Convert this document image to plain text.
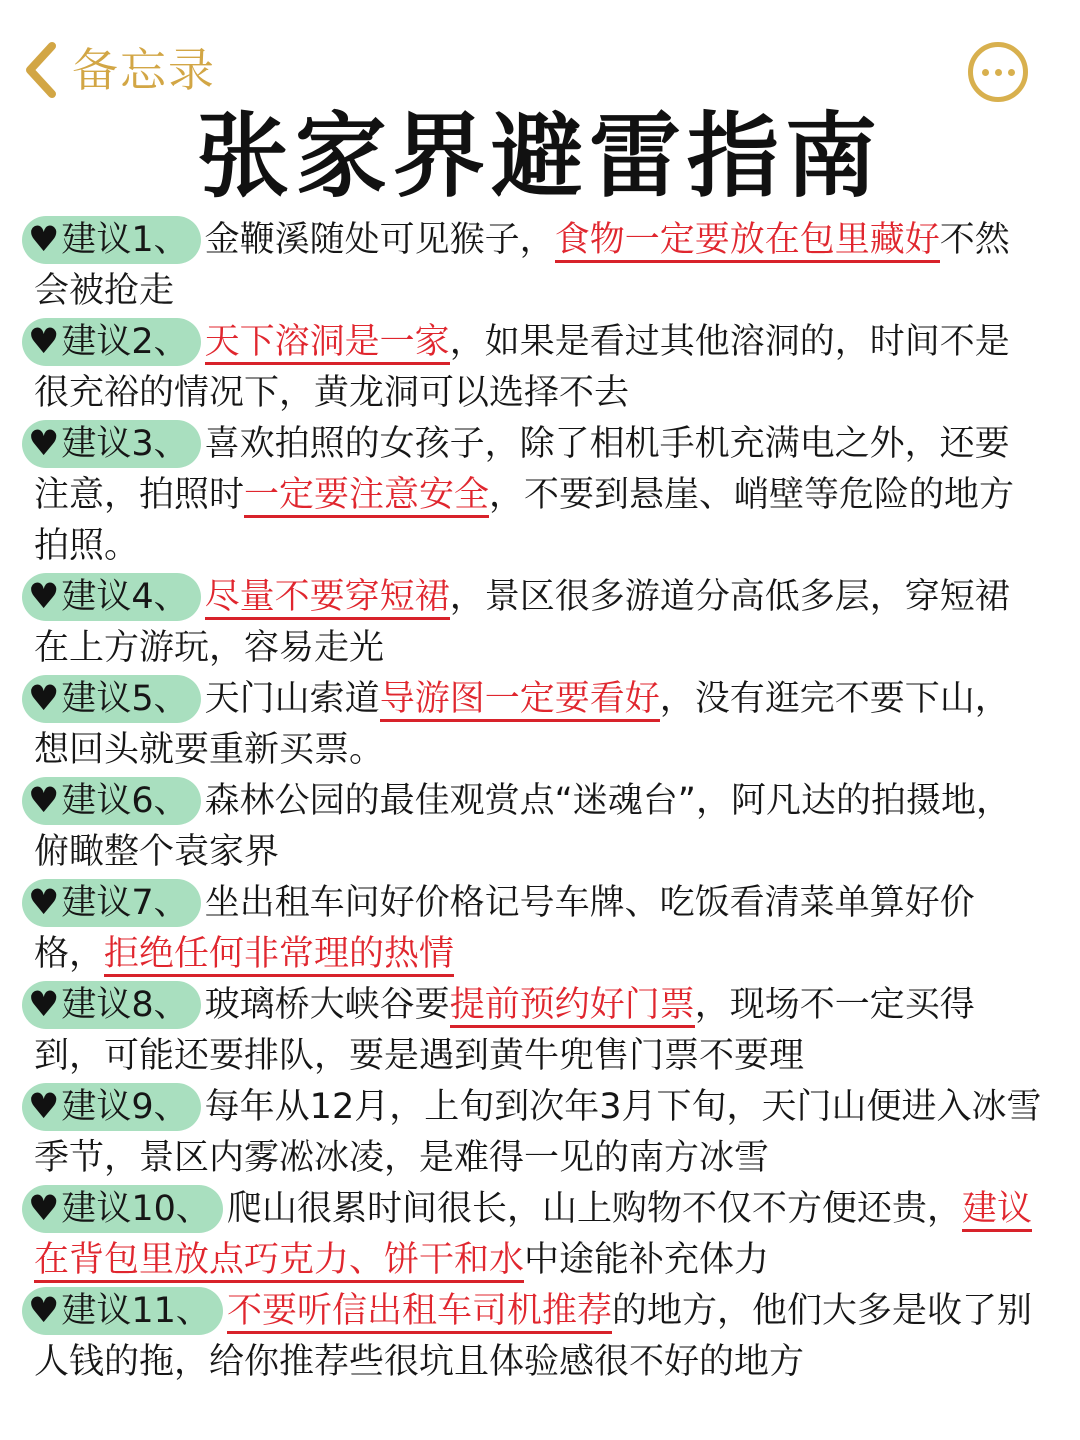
备忘录
张家界避雷指南

♥建议1、 金鞭溪随处可见猴子，食物一定要放在包里藏好不然会被抢走

♥建议2、 天下溶洞是一家，如果是看过其他溶洞的，时间不是很充裕的情况下，黄龙洞可以选择不去

♥建议3、 喜欢拍照的女孩子，除了相机手机充满电之外，还要注意，拍照时一定要注意安全，不要到悬崖、峭壁等危险的地方拍照。

♥建议4、 尽量不要穿短裙，景区很多游道分高低多层，穿短裙在上方游玩，容易走光

♥建议5、 天门山索道导游图一定要看好，没有逛完不要下山，想回头就要重新买票。

♥建议6、 森林公园的最佳观赏点“迷魂台”，阿凡达的拍摄地，俯瞰整个袁家界

♥建议7、 坐出租车问好价格记号车牌、吃饭看清菜单算好价格，拒绝任何非常理的热情

♥建议8、 玻璃桥大峡谷要提前预约好门票，现场不一定买得到，可能还要排队，要是遇到黄牛兜售门票不要理

♥建议9、 每年从12月，上旬到次年3月下旬，天门山便进入冰雪季节，景区内雾凇冰凌，是难得一见的南方冰雪

♥建议10、 爬山很累时间很长，山上购物不仅不方便还贵，建议在背包里放点巧克力、饼干和水中途能补充体力

♥建议11、 不要听信出租车司机推荐的地方，他们大多是收了别人钱的拖，给你推荐些很坑且体验感很不好的地方
